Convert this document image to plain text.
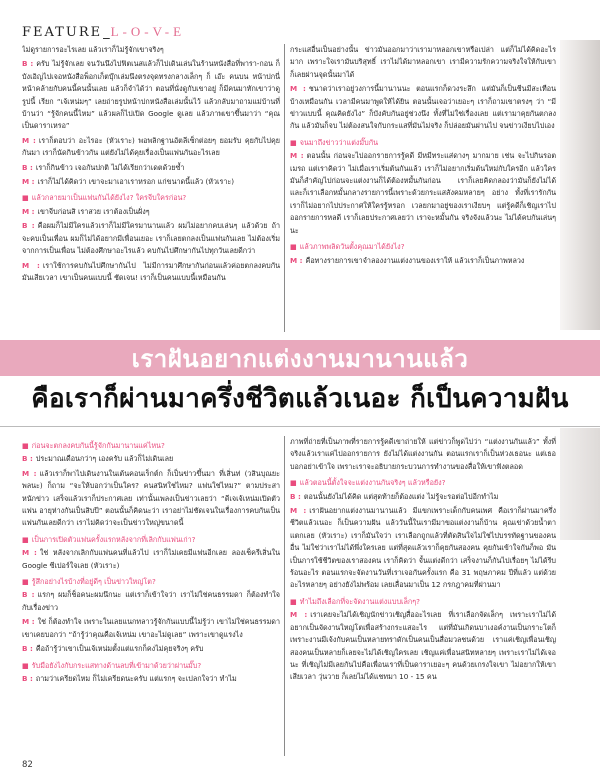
FEATURE _ L-O-V-E

ไม่ดูรายการอะไรเลย แล้วเราก็ไม่รู้จักเขาจริงๆ

B : ครับ ไม่รู้จักเลย จนวันนึงไปฟิตเนสแล้วก็ไปเดินเล่นในร้านหนังสือที่พารา-กอน ก็บังเอิญไปเจอหนังสือพ็อกเก็ตบุ๊กเล่มนึงตรงจุดทรงกลางเล็กๆ ก็ เอ๊ะ คนบน หน้าปกนี่หน้าคล้ายกับคนนี้คนนั้นเลย แล้วก็จำได้ว่า ตอนที่นั่งดูกับเขาอยู่ ก็มีคนมาทักเขาว่าดูรูปนี้ เรียก “เจ้เหน่มๆ” เลยถ่ายรูปหน้าปกหนังสือเล่มนั้นไว้ แล้วกลับมาถามแม่บ้านที่บ้านว่า “รู้จักคนนี้ไหม” แล้วผลก็ไปเปิด Google ดูเลย แล้วภาพเขาขึ้นมาว่า “คุณเป็นดาราเหรอ”

M : เราก็ตอบว่า อะไรอะ (หัวเราะ) พอพลิกฐานอัตลีเซ็กต่อยๆ ยอมรับ คุยกับไปคุยกันมา เราก็นัดกินข้าวกัน แต่ยังไม่ได้คุยเรื่องเป็นแฟนกันอะไรเลย

B : เราก็กินข้าว เจอกันปกติ ไม่ได้เรียกว่าเดตด้วยซ้ำ

M : เราก็ไม่ได้คิดว่า เขาจะมาเอาเราหรอก แก่ขนาดนี้แล้ว (หัวเราะ)

■ แล้วกลายมาเป็นแฟนกันได้ยังไง? ใครจีบใครก่อน?

M : เขาจีบก่อนสิ เราสวย เราต้องเป็นฝั่งๆ

B : คือผมก็ไม่มีใครแล้วเราก็ไม่มีใครมานานแล้ว ผมไม่อยากคบเล่นๆ แล้วด้วย ถ้าจะคบเป็นเพื่อน ผมก็ไม่ได้อยากมีเพื่อนเยอะ เราก็เลยตกลงเป็นแฟนกันเลย ไม่ต้องเริ่มจากการเป็นเพื่อน ไม่ต้องศึกษาอะไรแล้ว คบกันไปศึกษากันไปทุกวันเลยดีกว่า

M : เราใช้การคบกันไปศึกษากันไป ไม่มีการมาศึกษากันก่อนแล้วค่อยตกลงคบกัน มันเสียเวลา เขาเป็นคนแบบนี้ ชัดเจน! เราก็เป็นคนแบบนี้เหมือนกัน

กระแสอื่นเป็นอย่างนั้น ข่าวมันออกมาว่าเรามาหลอกเขาหรือเปล่า แต่ก็ไม่ได้คิดอะไรมาก เพราะใจเรามันบริสุทธิ์ เราไม่ได้มาหลอกเขา เรามีความรักความจริงใจให้กับเขา ก็เลยผ่านจุดนั้นมาได้

M : ชนาดว่าเราอยู่วงการนี้มานานนะ ตอนแรกก็ดวงระลึก แต่มันก็เป็นชีนมีสะเทือนบ้างเหมือนกัน เวลามีคนมาพูดให้ได้ยิน ตอนนั้นเจอว่าเยอะๆ เราก็ถามเขาตรงๆ ว่า “มีข่าวแบบนี้ คุณคิดยังไง” ก็บังคับกันอยู่ช่วงนึง ทั้งที่ไม่ใช่เรื่องเลย แต่เรามาคุยกันตกลงกัน แล้วมันก็จบ ไม่ต้องสนใจกับกระแสที่มันไม่จริง ก็ปล่อยมันผ่านไป จนข่าวเงียบไปเอง

■ จนมาถึงข่าวว่าแต่งมั๊บกัน

M : ตอนนั้น ก่อนจะไปออกรายการรู้คดี มีหมีทระแส่ดางๆ มากมาย เช่น จะไปกินรอตเมรถ แต่เราคิดว่า ไม่เมื่อเราเริ่มต้นกันแล้ว เราก็ไม่อยากเริ่มต้นใหม่กับใครอีก แล้วใครมันก็สำคัญไปก่อนจะแต่งงานก็ได้ต้องหมั้นกันก่อน เราก็เลยคิดกลองว่ามันก็ยังไม่ได้ และก็เราเลือกหมั้นกลางรายการนี้เพราะด้วยกระแสสังคมหลายๆ อย่าง ทั้งที่เรารักกัน เราก็ไม่อยากไปประกาศให้ใครรู้หรอก เวลยกมาอยู่ของเราเงียบๆ แต่รู้คดีก็เชิญเราไปออกรายการหลดี เราก็เลยประกาศเลยว่า เราจะหมั้นกัน จริงจังแล้วนะ ไม่ได้คบกันเล่นๆ นะ

■ แล้วภาพพลิดวันตั้งคุณมาได้ยังไง?

M : คือทางรายการเขาจำลองงานแต่งงานของเราให้ แล้วเราก็เป็นภาพหลวง

เราฝันอยากแต่งงานมานานแล้ว
คือเราก็ผ่านมาครึ่งชีวิตแล้วเนอะ ก็เป็นความฝัน
■ ก่อนจะตกลงคบกันนี้รู้จักกันมานานแค่ไหน?

B : ประมาณเดือนกว่าๆ เองครับ แล้วก็ไม่เดินเลย

M : แล้วเราก็พาไปเดินงานในเต้นคอนเร็กต์ก ก็เป็นข่าวขึ้นมา ที่เสิ่นท่ (วสินบุณยะพลนะ) ก็ถาม “จะให้บอกว่าเป็นใคร? คนสนิทใช่ไหม? แฟนใช่ไหม?” ตามประสาหนักข่าว เสร็จแล้วเราก็ประกาศเลย เท่านั้นเพลงเป็นข่าวเลยว่า “ดีเจเจ้เหน่มเปิดตัวแฟน อายุห่างกันเป็นสิบปี” ตอนนั้นก็คิดนะว่า เราอย่าไม่ชัดเจนในเรื่องการคบกันเป็นแฟนกันเลยดีกว่า เราไม่คิดว่าจะเป็นข่าวใหญ่ขนาดนี้

■ เป็นการเปิดตัวแฟนครั้งแรกหลังจากที่เลิกกับแฟนเก่า?

M : ใช่ หลังจากเลิกกับแฟนคนที่แล้วไป เราก็ไม่เคยมีแฟนอีกเลย ลองเช็ครีเสิ่นใน Google ซีเปอร์ใจเลย (หัวเราะ)

■ รู้สึกอย่างไรบ้างที่อยู่ดีๆ เป็นข่าวใหญ่โต?

B : แรกๆ ผมก็ช็อคนะผมนึกนะ แต่เราก็เข้าใจว่า เราไม่ใช่คนธรรมดา ก็ต้องทำใจกับเรื่องข่าว

M : ใช่ ก็ต้องทำใจ เพราะในเลยแนกทลาวรู้จักกันแบบนี้ไม่รู้ว่า เขาไม่ใช่คนธรรมดา เขาเคยบอกว่า “ถ้ารู้ว่าคุณคือเจ้เหน่ม เขาอะไม่ดูเลย” เพราะเขาดูแรงไง

B : คือถ้ารู้ว่าเขาเป็นเจ้เหน่มตั้งแต่แรกก็คงไม่คุยจริงๆ ครับ

■ รับมือยังไงกับกระแสทางด้านลบที่เข้ามาด้วยว่าผ่านมั๊บ?

B : ถามว่าเครียดไหม ก็ไม่เครียดนะครับ แต่แรกๆ จะเปลกใจว่า ทำไม

ภาพที่ถ่ายที่เป็นภาพที่รายการรู้คดีเขาถ่ายให้ แต่ข่าวก็พูดไปว่า “แต่งงานกันแล้ว” ทั้งที่จริงแล้วเราแค่ไปออกรายการ ยังไม่ได้แต่งงานกัน ตอนแรกเราก็เป็นห่วงเธอนะ แต่เธอบอกอย่าเข้าใจ เพราะเราจะอธิบายกระบวนการทำงานของสื่อให้เขาฟังตลอด

■ แล้วตอนนี้ตั้งใจจะแต่งงานกันจริงๆ แล้วหรือยัง?

B : ตอนนั้นยังไม่ได้คิด แต่สุดท้ายก็ต้องแต่ง ไม่รู้จะรอต่อไปอีกทำไม

M : เราฝันอยากแต่งงานมานานแล้ว มีแขกเพราะเด็กกับคนเพศ คือเราก็ผ่านมาครึ่งชีวิตแล้วเนอะ ก็เป็นความฝัน แล้ววันนี้ในเรามีมาขอแต่งงานก็บ้าน คุณเข่าด้วยน้ำตาแตกเลย (หัวเราะ) เราก็มันใจว่า เราเลือกถูกแล้วที่ตัดสินใจไม่ใช่ไปบรรทัดฐานของคนอื่น ไม่ใช่ว่าเราไม่ได้พึ่งใครเลย แต่ที่สุดแล้วเราก็คุยกันสองคน คุยกันเข้าใจกันก็พอ มันเป็นการใช้ชีวิตของเราสองคน เราก็คิดว่า จั้นแต่งดีกว่า เสร็จงานก็กันไปเรื่อยๆ ไม่ได้รีบร้อนอะไร ตอนแรกจะจัดงานวันที่เราเจอกันครั้งแรก คือ 31 พฤษภาคม ปีที่แล้ว แต่ด้วยอะไรหลายๆ อย่างยังไม่พร้อม เลยเลื่อนมาเป็น 12 กรกฎาคมที่ผ่านมา

■ ทำไมถึงเลือกที่จะจัดงานแต่งแบบเล็กๆ?

M : เราเคยจะไม่ได้เชิญนักข่าวเชิญสื่ออะไรเลย ที่เราเลือกจัดเล็กๆ เพราะเราไม่ได้อยากเป็นจัดงานใหญ่โตเพื่อสร้างกระแสอะไร แต่ที่มันเกิดนบาเงอค์งานเป็นกราะโตก็เพราะงานมีเจ้งกับคนเป็นหลายทราดักเป็นคนเป็นสื่อมวลชนด้วย เราแค่เชิญเพื่อนเชิญสองคนเป็นหลายก็เลยจะไม่ได้เชิญใครเลย เชิญแค่เพื่อนสนิทหลายๆ เพราะเราไม่ได้เจอนะ ที่เชิญไม่มีเลยกันไปคือเพื่อนเราที่เป็นดาราเยอะๆ คนด้วยเกรงใจเขา ไม่อยากให้เขาเสียเวลา วุ่นวาย ก็เลยไม่ได้แชทมา 10 - 15 คน

82
